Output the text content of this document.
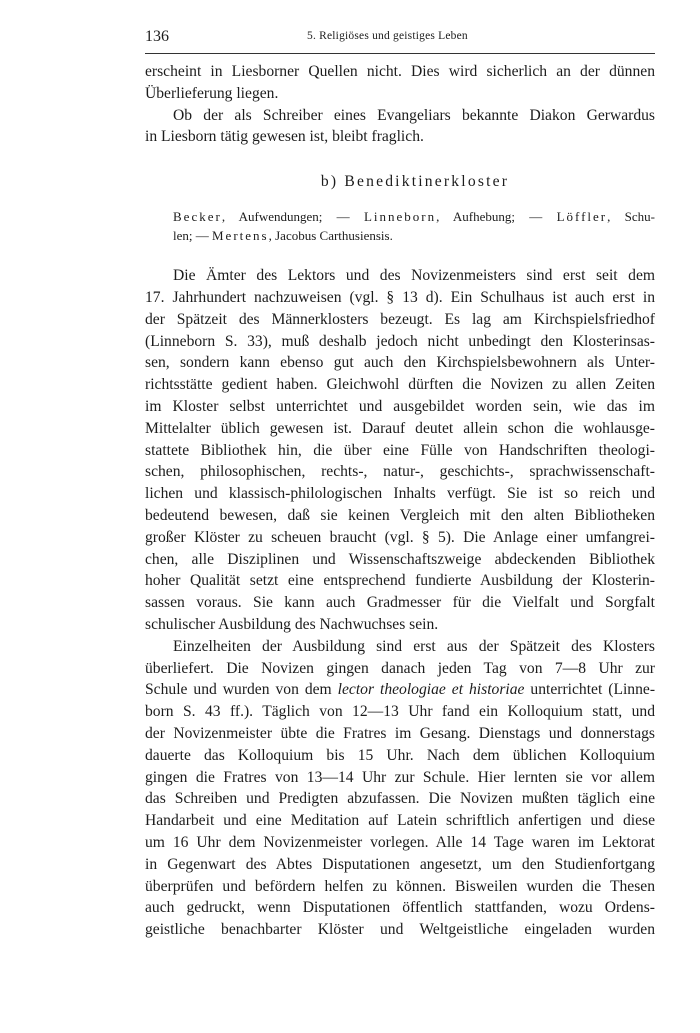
136	5. Religiöses und geistiges Leben
erscheint in Liesborner Quellen nicht. Dies wird sicherlich an der dünnen
Überlieferung liegen.
Ob der als Schreiber eines Evangeliars bekannte Diakon Gerwardus
in Liesborn tätig gewesen ist, bleibt fraglich.
b) Benediktinerkloster
Becker, Aufwendungen; — Linneborn, Aufhebung; — Löffler, Schu-
len; — Mertens, Jacobus Carthusiensis.
Die Ämter des Lektors und des Novizenmeisters sind erst seit dem
17. Jahrhundert nachzuweisen (vgl. § 13 d). Ein Schulhaus ist auch erst in
der Spätzeit des Männerklosters bezeugt. Es lag am Kirchspielsfriedhof
(Linneborn S. 33), muß deshalb jedoch nicht unbedingt den Klosterinsas-
sen, sondern kann ebenso gut auch den Kirchspielsbewohnern als Unter-
richtsstätte gedient haben. Gleichwohl dürften die Novizen zu allen Zeiten
im Kloster selbst unterrichtet und ausgebildet worden sein, wie das im
Mittelalter üblich gewesen ist. Darauf deutet allein schon die wohlausge-
stattete Bibliothek hin, die über eine Fülle von Handschriften theologi-
schen, philosophischen, rechts-, natur-, geschichts-, sprachwissenschaft-
lichen und klassisch-philologischen Inhalts verfügt. Sie ist so reich und
bedeutend bewesen, daß sie keinen Vergleich mit den alten Bibliotheken
großer Klöster zu scheuen braucht (vgl. § 5). Die Anlage einer umfangrei-
chen, alle Disziplinen und Wissenschaftszweige abdeckenden Bibliothek
hoher Qualität setzt eine entsprechend fundierte Ausbildung der Klosterin-
sassen voraus. Sie kann auch Gradmesser für die Vielfalt und Sorgfalt
schulischer Ausbildung des Nachwuchses sein.
Einzelheiten der Ausbildung sind erst aus der Spätzeit des Klosters
überliefert. Die Novizen gingen danach jeden Tag von 7—8 Uhr zur
Schule und wurden von dem lector theologiae et historiae unterrichtet (Linne-
born S. 43 ff.). Täglich von 12—13 Uhr fand ein Kolloquium statt, und
der Novizenmeister übte die Fratres im Gesang. Dienstags und donnerstags
dauerte das Kolloquium bis 15 Uhr. Nach dem üblichen Kolloquium
gingen die Fratres von 13—14 Uhr zur Schule. Hier lernten sie vor allem
das Schreiben und Predigten abzufassen. Die Novizen mußten täglich eine
Handarbeit und eine Meditation auf Latein schriftlich anfertigen und diese
um 16 Uhr dem Novizenmeister vorlegen. Alle 14 Tage waren im Lektorat
in Gegenwart des Abtes Disputationen angesetzt, um den Studienfortgang
überprüfen und befördern helfen zu können. Bisweilen wurden die Thesen
auch gedruckt, wenn Disputationen öffentlich stattfanden, wozu Ordens-
geistliche benachbarter Klöster und Weltgeistliche eingeladen wurden
